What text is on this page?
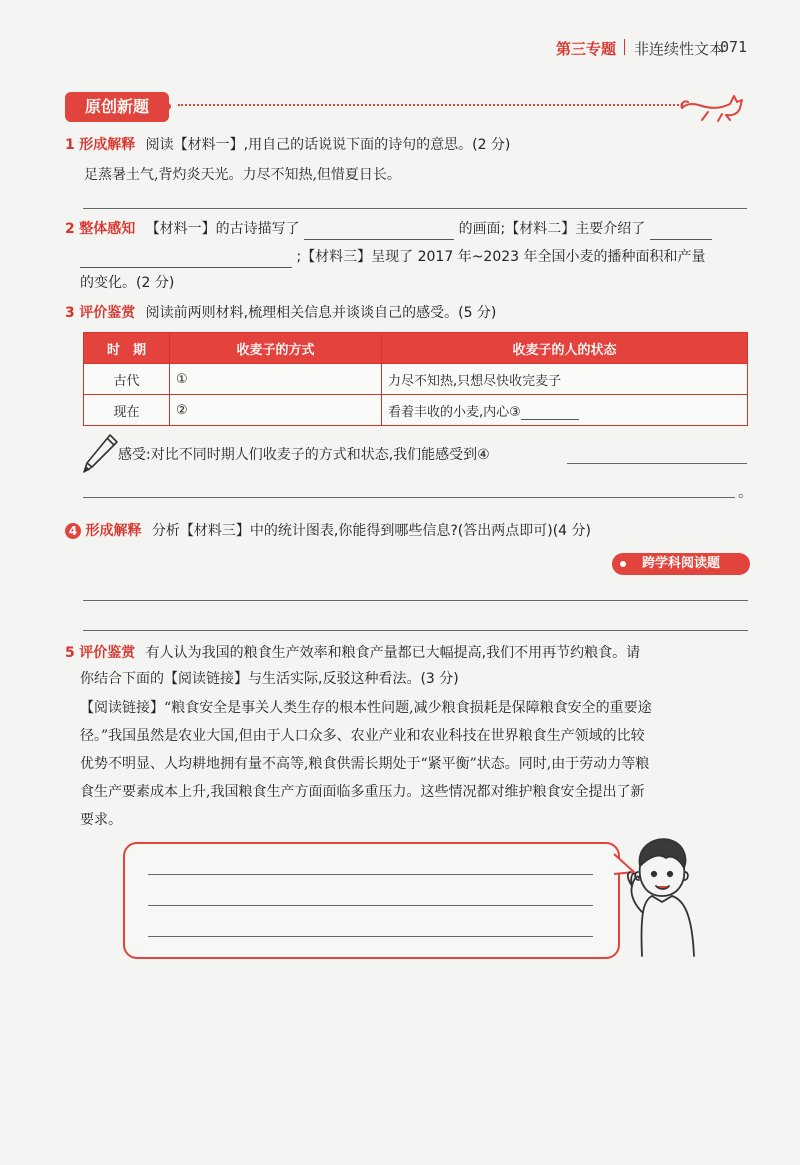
第三专题 非连续性文本
071
原创新题
1 形成解释 阅读【材料一】,用自己的话说说下面的诗句的意思。(2 分)
足蒸暑土气,背灼炎天光。力尽不知热,但惜夏日长。
2 整体感知 【材料一】的古诗描写了	的画面;【材料二】主要介绍了
;【材料三】呈现了 2017 年~2023 年全国小麦的播种面积和产量
的变化。(2 分)
3 评价鉴赏 阅读前两则材料,梳理相关信息并谈谈自己的感受。(5 分)
时　期	收麦子的方式	收麦子的人的状态
古代	①	力尽不知热,只想尽快收完麦子
现在	②	看着丰收的小麦,内心③
感受:对比不同时期人们收麦子的方式和状态,我们能感受到④
。
4 形成解释 分析【材料三】中的统计图表,你能得到哪些信息?(答出两点即可)(4 分)
跨学科阅读题
5 评价鉴赏 有人认为我国的粮食生产效率和粮食产量都已大幅提高,我们不用再节约粮食。请
你结合下面的【阅读链接】与生活实际,反驳这种看法。(3 分)
【阅读链接】“粮食安全是事关人类生存的根本性问题,减少粮食损耗是保障粮食安全的重要途
径。”我国虽然是农业大国,但由于人口众多、农业产业和农业科技在世界粮食生产领域的比较
优势不明显、人均耕地拥有量不高等,粮食供需长期处于“紧平衡”状态。同时,由于劳动力等粮
食生产要素成本上升,我国粮食生产方面面临多重压力。这些情况都对维护粮食安全提出了新
要求。
